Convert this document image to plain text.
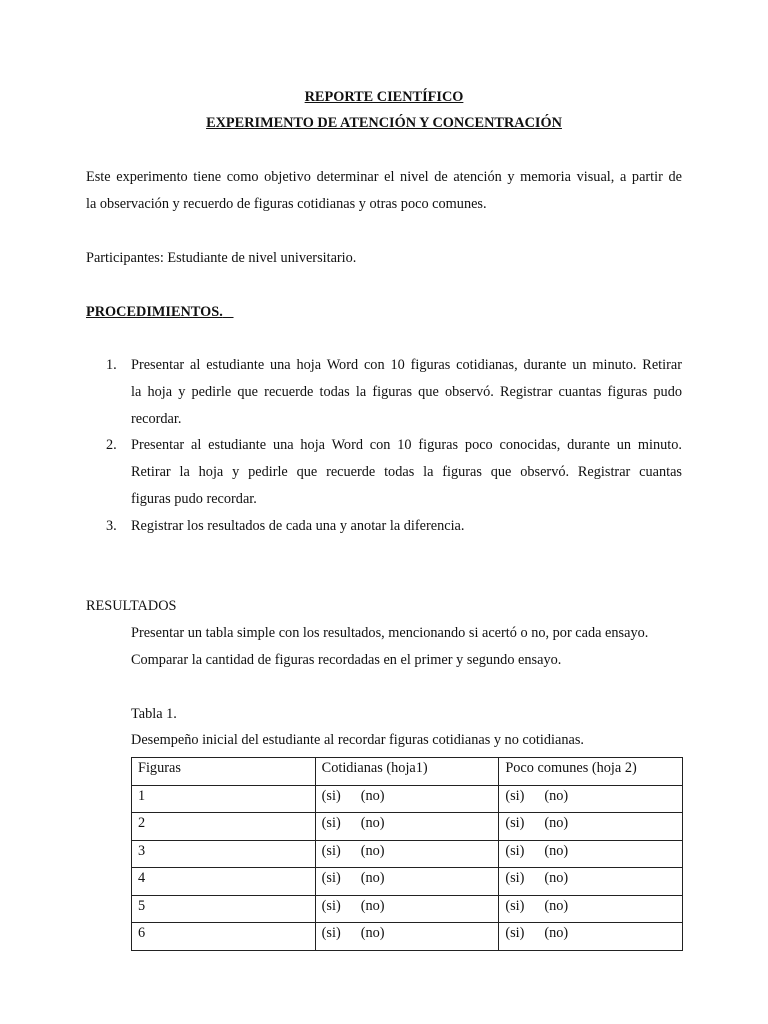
REPORTE CIENTÍFICO
EXPERIMENTO DE ATENCIÓN Y CONCENTRACIÓN
Este experimento tiene como objetivo determinar el nivel de atención y memoria visual, a partir de
la observación y recuerdo de figuras cotidianas y otras poco comunes.
Participantes: Estudiante de nivel universitario.
PROCEDIMIENTOS.
1. Presentar al estudiante una hoja Word con 10 figuras cotidianas, durante un minuto. Retirar
la hoja y pedirle que recuerde todas la figuras que observó. Registrar cuantas figuras pudo
recordar.
2. Presentar al estudiante una hoja Word con 10 figuras poco conocidas, durante un minuto.
Retirar la hoja y pedirle que recuerde todas la figuras que observó. Registrar cuantas
figuras pudo recordar.
3. Registrar los resultados de cada una y anotar la diferencia.
RESULTADOS
Presentar un tabla simple con los resultados, mencionando si acertó o no, por cada ensayo.
Comparar la cantidad de figuras recordadas en el primer y segundo ensayo.
Tabla 1.
Desempeño inicial del estudiante al recordar figuras cotidianas y no cotidianas.
Figuras	Cotidianas (hoja1)	Poco comunes (hoja 2)
1	(si) (no)	(si) (no)
2	(si) (no)	(si) (no)
3	(si) (no)	(si) (no)
4	(si) (no)	(si) (no)
5	(si) (no)	(si) (no)
6	(si) (no)	(si) (no)
